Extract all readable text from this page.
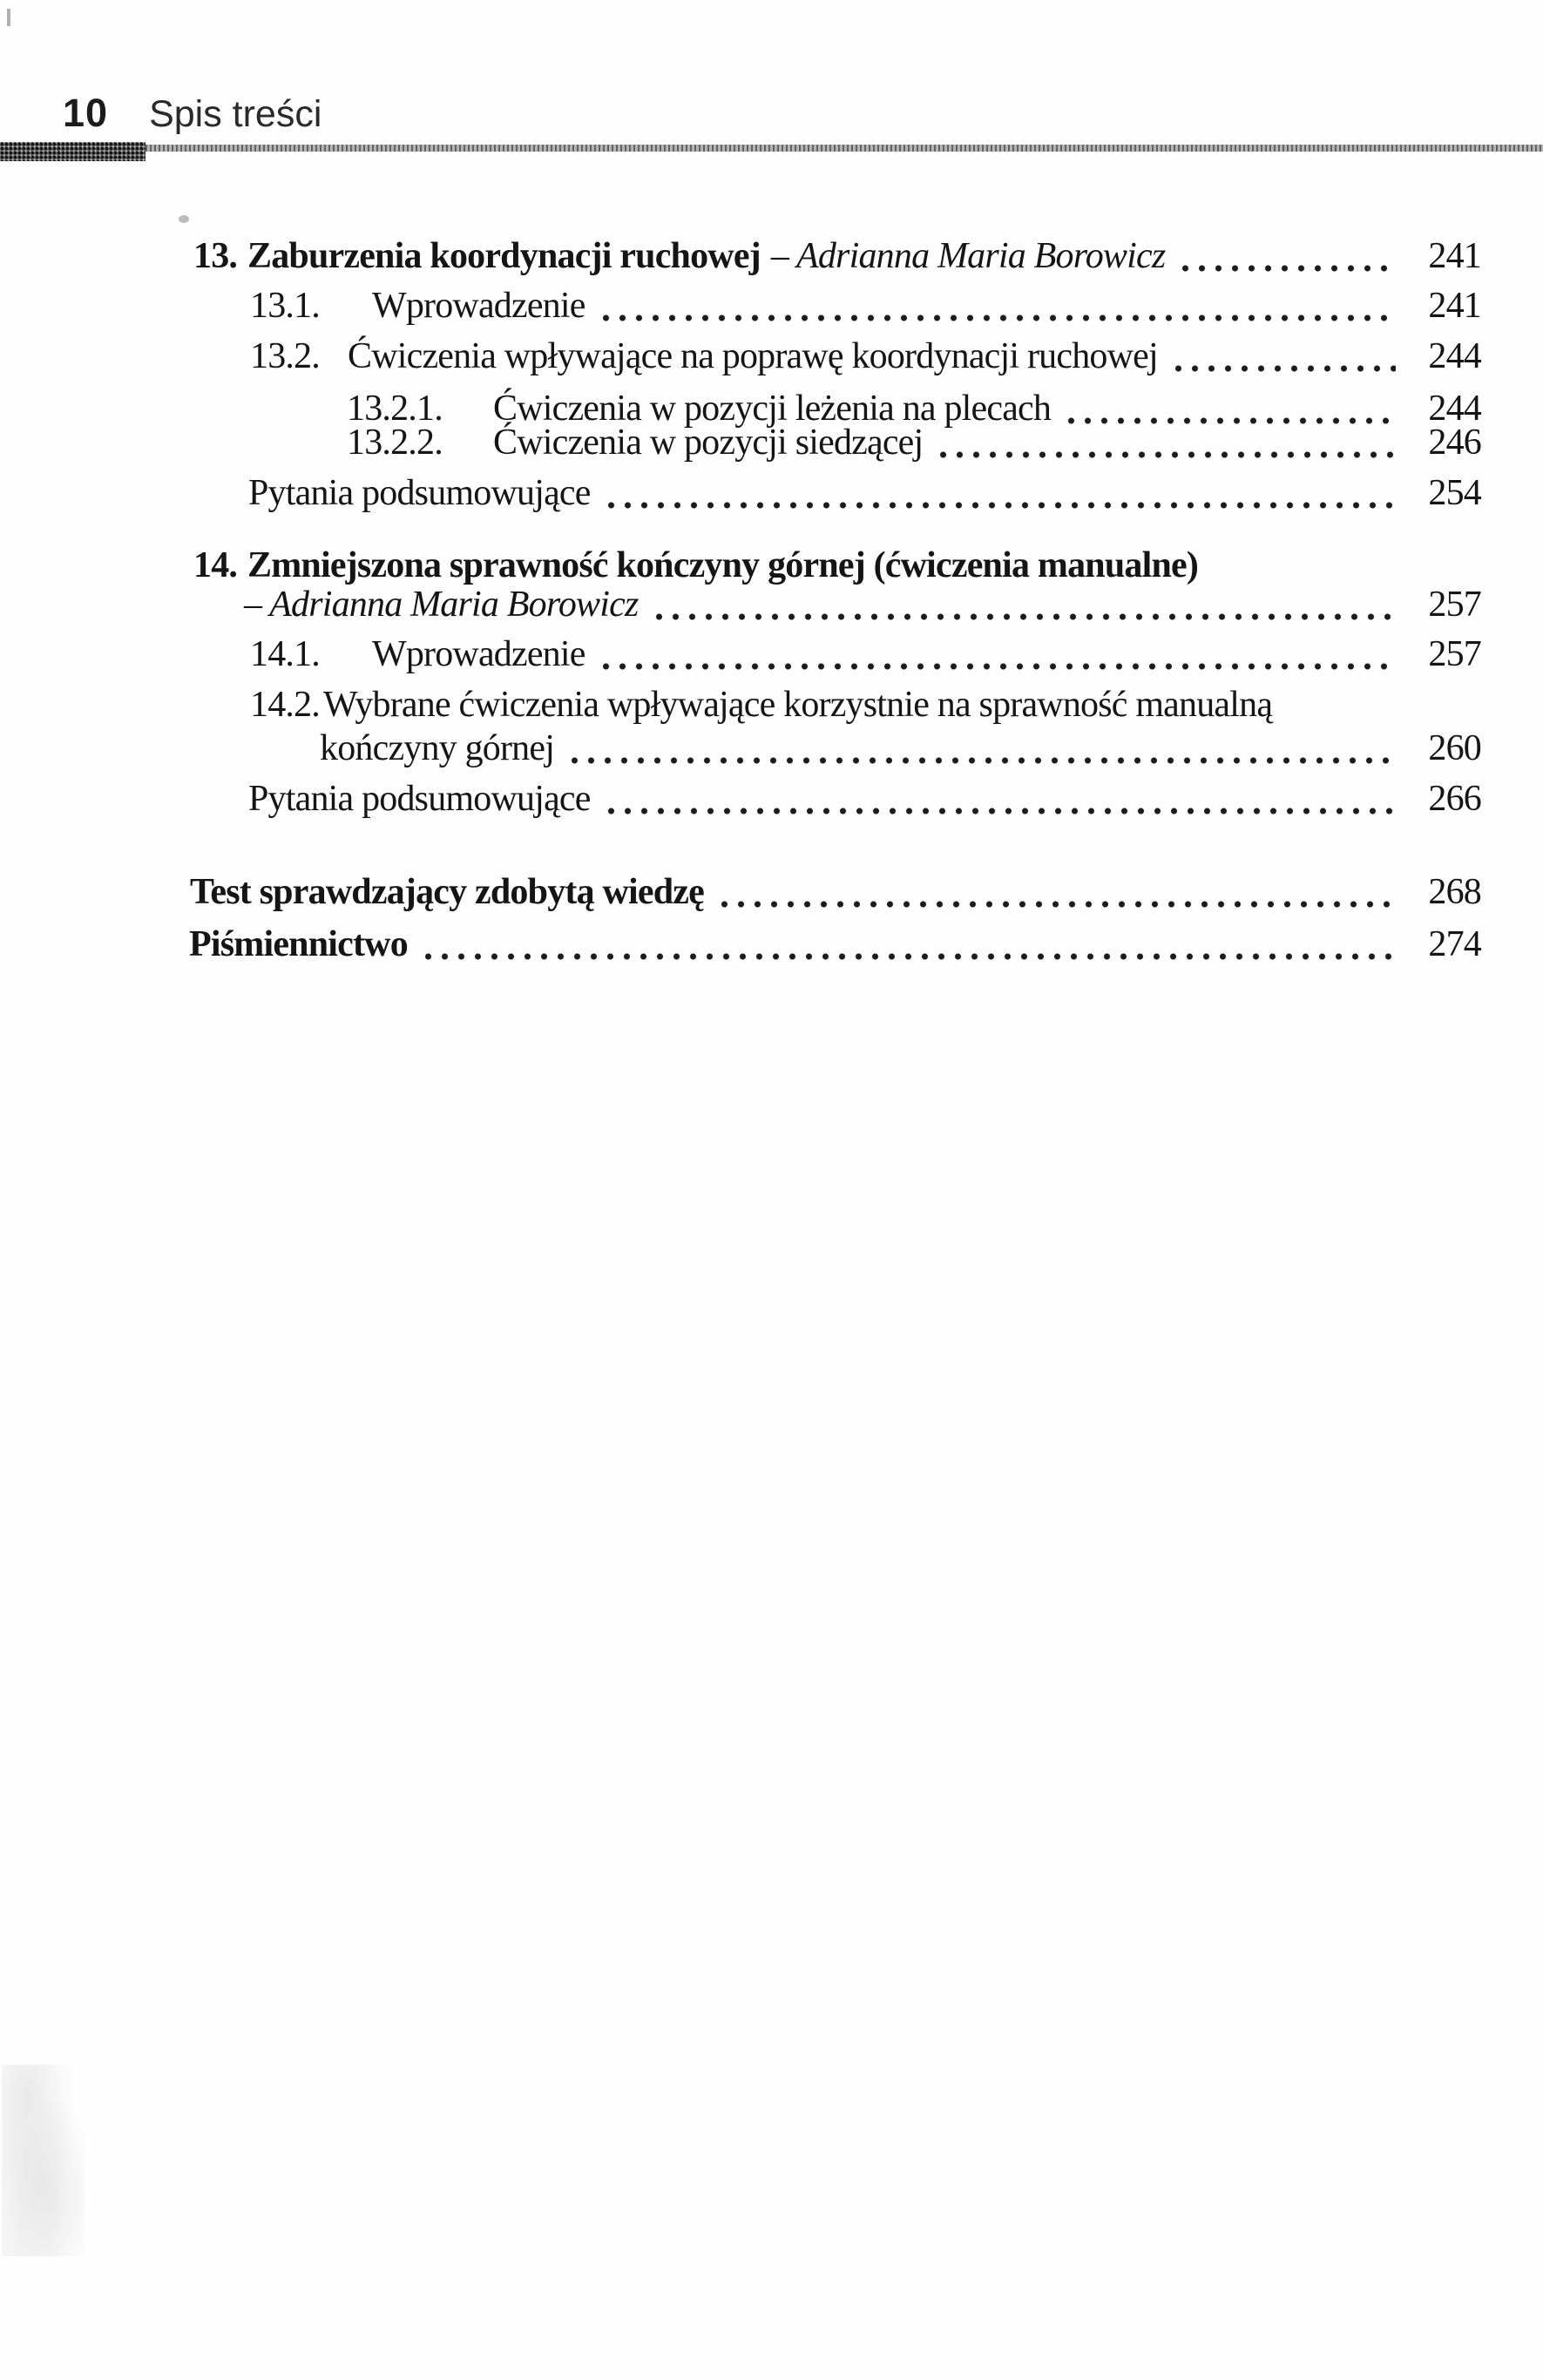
10 Spis treści
13. Zaburzenia koordynacji ruchowej – Adrianna Maria Borowicz	241
13.1.	Wprowadzenie	241
13.2. Ćwiczenia wpływające na poprawę koordynacji ruchowej	244
13.2.1.	Ćwiczenia w pozycji leżenia na plecach	244
13.2.2.	Ćwiczenia w pozycji siedzącej	246
Pytania podsumowujące	254
14. Zmniejszona sprawność kończyny górnej (ćwiczenia manualne)
– Adrianna Maria Borowicz	257
14.1.	Wprowadzenie	257
14.2. Wybrane ćwiczenia wpływające korzystnie na sprawność manualną
kończyny górnej	260
Pytania podsumowujące	266
Test sprawdzający zdobytą wiedzę	268
Piśmiennictwo	274
